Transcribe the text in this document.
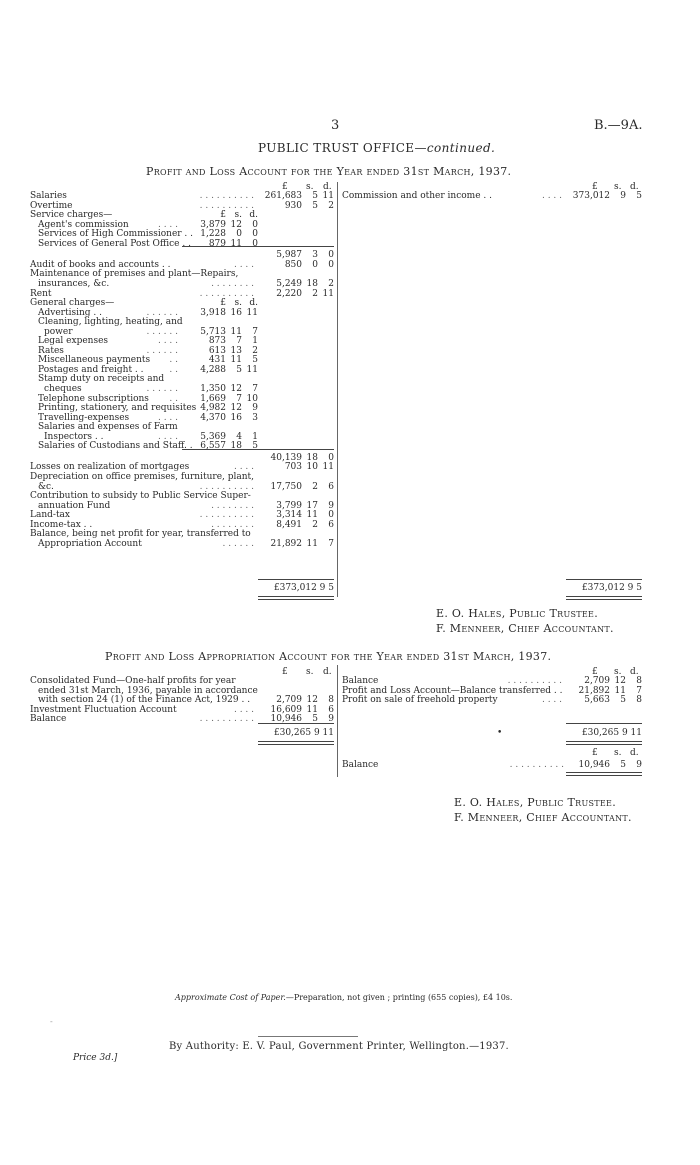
3	B.—9A.
PUBLIC TRUST OFFICE—continued.
Profit and Loss Account for the Year ended 31st March, 1937.
£ s. d.
Salaries	. . . . . . . . . .	261,683	5 11
Overtime	. . . . . . . . . .	930	5	2
Service charges—	£ s. d.
Agent's commission	. . . .	3,879 12	0
Services of High Commissioner . . 1,228	0	0
Services of General Post Office . .	879 11	0
5,987	3	0
Audit of books and accounts . .	. . . .	850	0	0
Maintenance of premises and plant—Repairs,
insurances, &c.	. . . . . . . .	5,249 18	2
Rent	. . . . . . . . . .	2,220	2 11
General charges—	£ s. d.
Advertising . .	. . . . . .	3,918 16 11
Cleaning, lighting, heating, and
power	. . . . . .	5,713 11	7
Legal expenses	. . . .	873	7	1
Rates	. . . . . .	613 13	2
Miscellaneous payments	. .	431 11	5
Postages and freight . .	. .	4,288	5 11
Stamp duty on receipts and
cheques	. . . . . .	1,350 12	7
Telephone subscriptions	. .	1,669	7 10
Printing, stationery, and requisites 4,982 12	9
Travelling-expenses	. . . .	4,370 16	3
Salaries and expenses of Farm
Inspectors . .	. . . .	5,369	4	1
Salaries of Custodians and Staff. . 6,557 18	5
40,139 18	0
Losses on realization of mortgages	. . . .	703 10 11
Depreciation on office premises, furniture, plant,
&c.	. . . . . . . . . .	17,750	2	6
Contribution to subsidy to Public Service Super-
annuation Fund	. . . . . . . .	3,799 17	9
Land-tax	. . . . . . . . . .	3,314 11	0
Income-tax . .	. . . . . . . .	8,491	2	6
Balance, being net profit for year, transferred to
Appropriation Account	. . . . . .	21,892 11	7
£ s. d.
Commission and other income . .	. . . .	373,012	9	5
£373,012 9 5	£373,012 9 5
E. O. Hales, Public Trustee.
F. Menneer, Chief Accountant.
Profit and Loss Appropriation Account for the Year ended 31st March, 1937.
£ s. d.	£ s. d.
Consolidated Fund—One-half profits for year
ended 31st March, 1936, payable in accordance
with section 24 (1) of the Finance Act, 1929 . .	2,709 12	8
Investment Fluctuation Account	. . . .	16,609 11	6
Balance	. . . . . . . . . .	10,946	5	9
Balance	. . . . . . . . . .	2,709 12	8
Profit and Loss Account—Balance transferred . .	21,892 11	7
Profit on sale of freehold property	. . . .	5,663	5	8
£30,265 9 11	•	£30,265 9 11
£ s. d.
Balance	. . . . . . . . . .	10,946	5	9
E. O. Hales, Public Trustee.
F. Menneer, Chief Accountant.
Approximate Cost of Paper.—Preparation, not given ; printing (655 copies), £4 10s.
-
By Authority: E. V. Paul, Government Printer, Wellington.—1937.
Price 3d.]
